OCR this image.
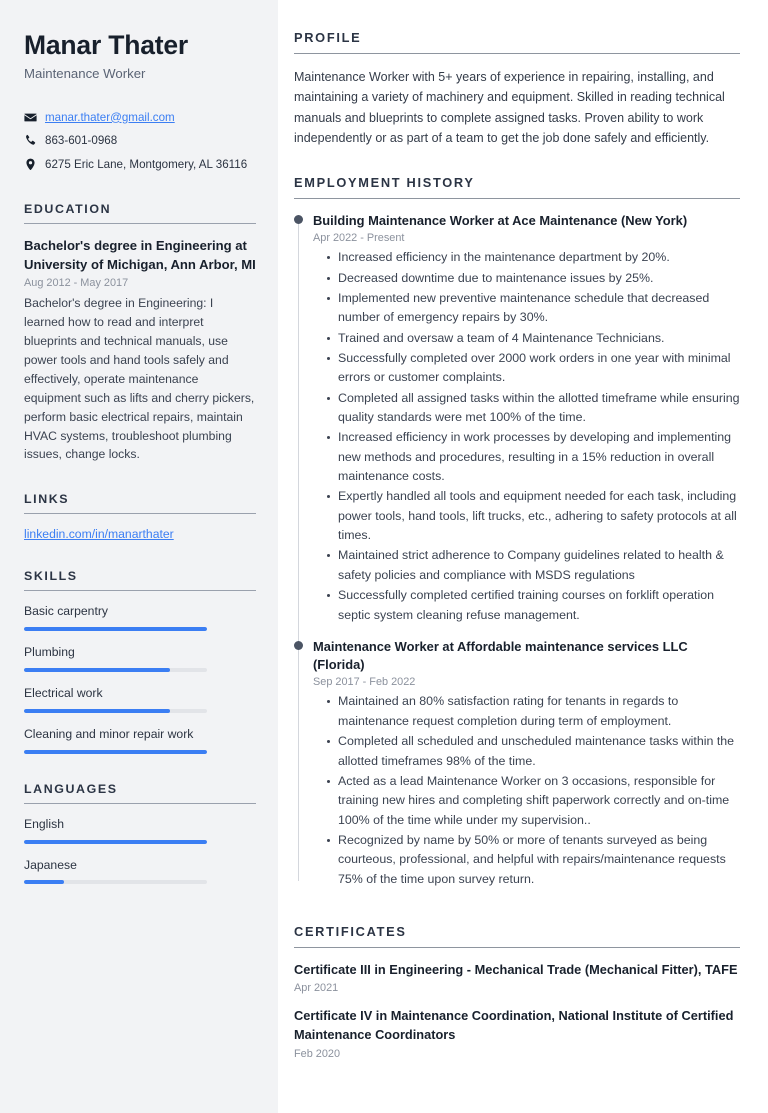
Manar Thater
Maintenance Worker
manar.thater@gmail.com
863-601-0968
6275 Eric Lane, Montgomery, AL 36116
EDUCATION
Bachelor's degree in Engineering at University of Michigan, Ann Arbor, MI
Aug 2012 - May 2017
Bachelor's degree in Engineering: I learned how to read and interpret blueprints and technical manuals, use power tools and hand tools safely and effectively, operate maintenance equipment such as lifts and cherry pickers, perform basic electrical repairs, maintain HVAC systems, troubleshoot plumbing issues, change locks.
LINKS
linkedin.com/in/manarthater
SKILLS
Basic carpentry
Plumbing
Electrical work
Cleaning and minor repair work
LANGUAGES
English
Japanese
PROFILE

Maintenance Worker with 5+ years of experience in repairing, installing, and maintaining a variety of machinery and equipment. Skilled in reading technical manuals and blueprints to complete assigned tasks. Proven ability to work independently or as part of a team to get the job done safely and efficiently.

EMPLOYMENT HISTORY
Building Maintenance Worker at Ace Maintenance (New York)
Apr 2022 - Present
Increased efficiency in the maintenance department by 20%.
Decreased downtime due to maintenance issues by 25%.
Implemented new preventive maintenance schedule that decreased number of emergency repairs by 30%.
Trained and oversaw a team of 4 Maintenance Technicians.
Successfully completed over 2000 work orders in one year with minimal errors or customer complaints.
Completed all assigned tasks within the allotted timeframe while ensuring quality standards were met 100% of the time.
Increased efficiency in work processes by developing and implementing new methods and procedures, resulting in a 15% reduction in overall maintenance costs.
Expertly handled all tools and equipment needed for each task, including power tools, hand tools, lift trucks, etc., adhering to safety protocols at all times.
Maintained strict adherence to Company guidelines related to health & safety policies and compliance with MSDS regulations
Successfully completed certified training courses on forklift operation septic system cleaning refuse management.
Maintenance Worker at Affordable maintenance services LLC (Florida)
Sep 2017 - Feb 2022
Maintained an 80% satisfaction rating for tenants in regards to maintenance request completion during term of employment.
Completed all scheduled and unscheduled maintenance tasks within the allotted timeframes 98% of the time.
Acted as a lead Maintenance Worker on 3 occasions, responsible for training new hires and completing shift paperwork correctly and on-time 100% of the time while under my supervision..
Recognized by name by 50% or more of tenants surveyed as being courteous, professional, and helpful with repairs/maintenance requests 75% of the time upon survey return.
CERTIFICATES
Certificate III in Engineering - Mechanical Trade (Mechanical Fitter), TAFE
Apr 2021
Certificate IV in Maintenance Coordination, National Institute of Certified Maintenance Coordinators
Feb 2020
